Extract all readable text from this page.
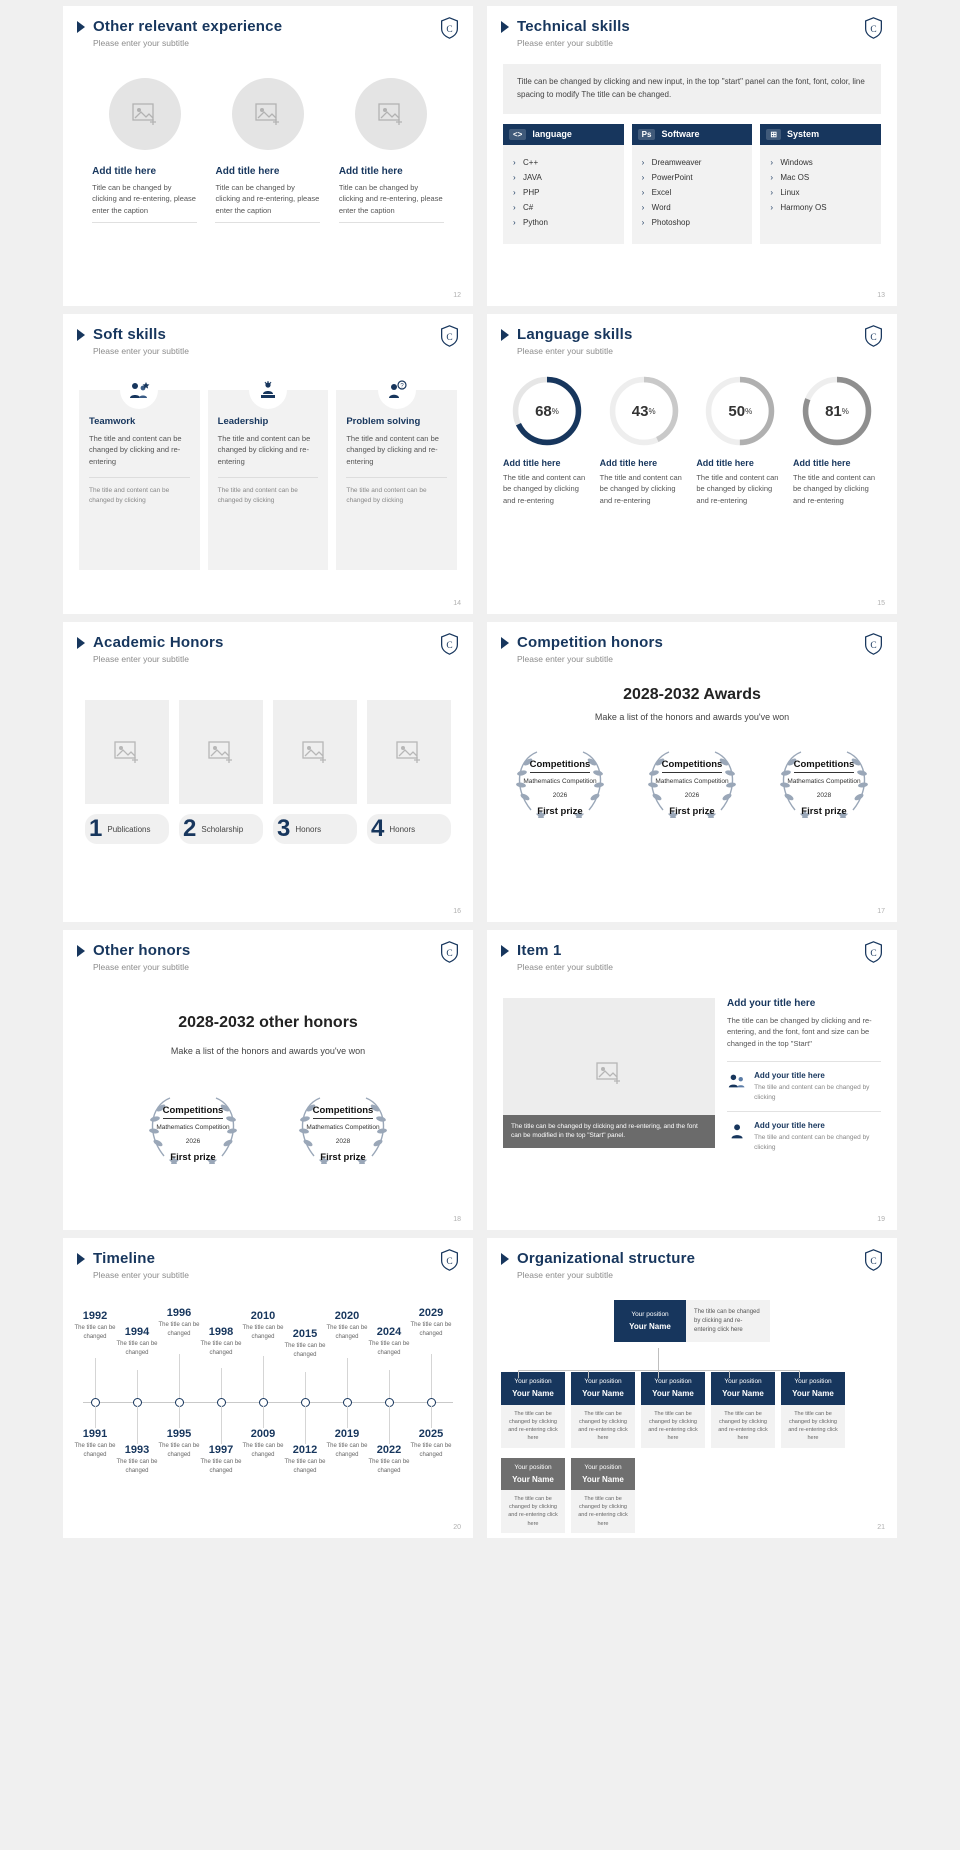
Other relevant experience
Please enter your subtitle
C
Add title here
Title can be changed by clicking and re-entering, please enter the caption
Add title here
Title can be changed by clicking and re-entering, please enter the caption
Add title here
Title can be changed by clicking and re-entering, please enter the caption
12
Technical skills
Please enter your subtitle
C
Title can be changed by clicking and new input, in the top "start" panel can the font, font, color, line spacing to modify The title can be changed.
<>	language
› C++
› JAVA
› PHP
› C#
› Python
Ps	Software
› Dreamweaver
› PowerPoint
› Excel
› Word
› Photoshop
⊞	System
› Windows
› Mac OS
› Linux
› Harmony OS
13
Soft skills
Please enter your subtitle
C
Teamwork
The title and content can be changed by clicking and re-entering
The title and content can be changed by clicking
Leadership
The title and content can be changed by clicking and re-entering
The title and content can be changed by clicking
?
Problem solving
The title and content can be changed by clicking and re-entering
The title and content can be changed by clicking
14
Language skills
Please enter your subtitle
C
68 %
Add title here
The title and content can be changed by clicking and re-entering
43 %
Add title here
The title and content can be changed by clicking and re-entering
50 %
Add title here
The title and content can be changed by clicking and re-entering
81 %
Add title here
The title and content can be changed by clicking and re-entering
15
Academic Honors
Please enter your subtitle
C
1 Publications 2 Scholarship 3 Honors 4 Honors
16
Competition honors
Please enter your subtitle
C
2028-2032 Awards
Make a list of the honors and awards you've won
Competitions
Mathematics Competition
2026
First prize
Competitions
Mathematics Competition
2026
First prize
Competitions
Mathematics Competition
2028
First prize
17
Other honors
Please enter your subtitle
C
2028-2032 other honors
Make a list of the honors and awards you've won
Competitions
Mathematics Competition
2026
First prize
Competitions
Mathematics Competition
2028
First prize
18
Item 1
Please enter your subtitle
C
The title can be changed by clicking and re-entering, and the font can be modified in the top "Start" panel.
Add your title here
The title can be changed by clicking and re-entering, and the font, font and size can be changed in the top "Start"
Add your title here
The tille and content can be changed by clicking
Add your title here
The tille and content can be changed by clicking
19
Timeline
Please enter your subtitle
C
1992
The title can be changed	1994
The title can be changed
1996
The title can be changed	1998
The title can be changed
2010
The title can be changed	2015
The title can be changed
2020
The title can be changed	2024
The title can be changed
2029
The title can be changed
1991
The title can be changed	1993
The title can be changed
1995
The title can be changed	1997
The title can be changed
2009
The title can be changed	2012
The title can be changed
2019
The title can be changed	2022
The title can be changed
2025
The title can be changed
20
Organizational structure
Please enter your subtitle
C
Your position
Your Name
The title can be changed by clicking and re-entering click here
Your position
Your Name
The title can be changed by clicking and re-entering click here
Your position
Your Name
The title can be changed by clicking and re-entering click here
Your position
Your Name
The title can be changed by clicking and re-entering click here
Your position
Your Name
The title can be changed by clicking and re-entering click here
Your position
Your Name
The title can be changed by clicking and re-entering click here
Your position
Your Name
The title can be changed by clicking and re-entering click here
Your position
Your Name
The title can be changed by clicking and re-entering click here
21
